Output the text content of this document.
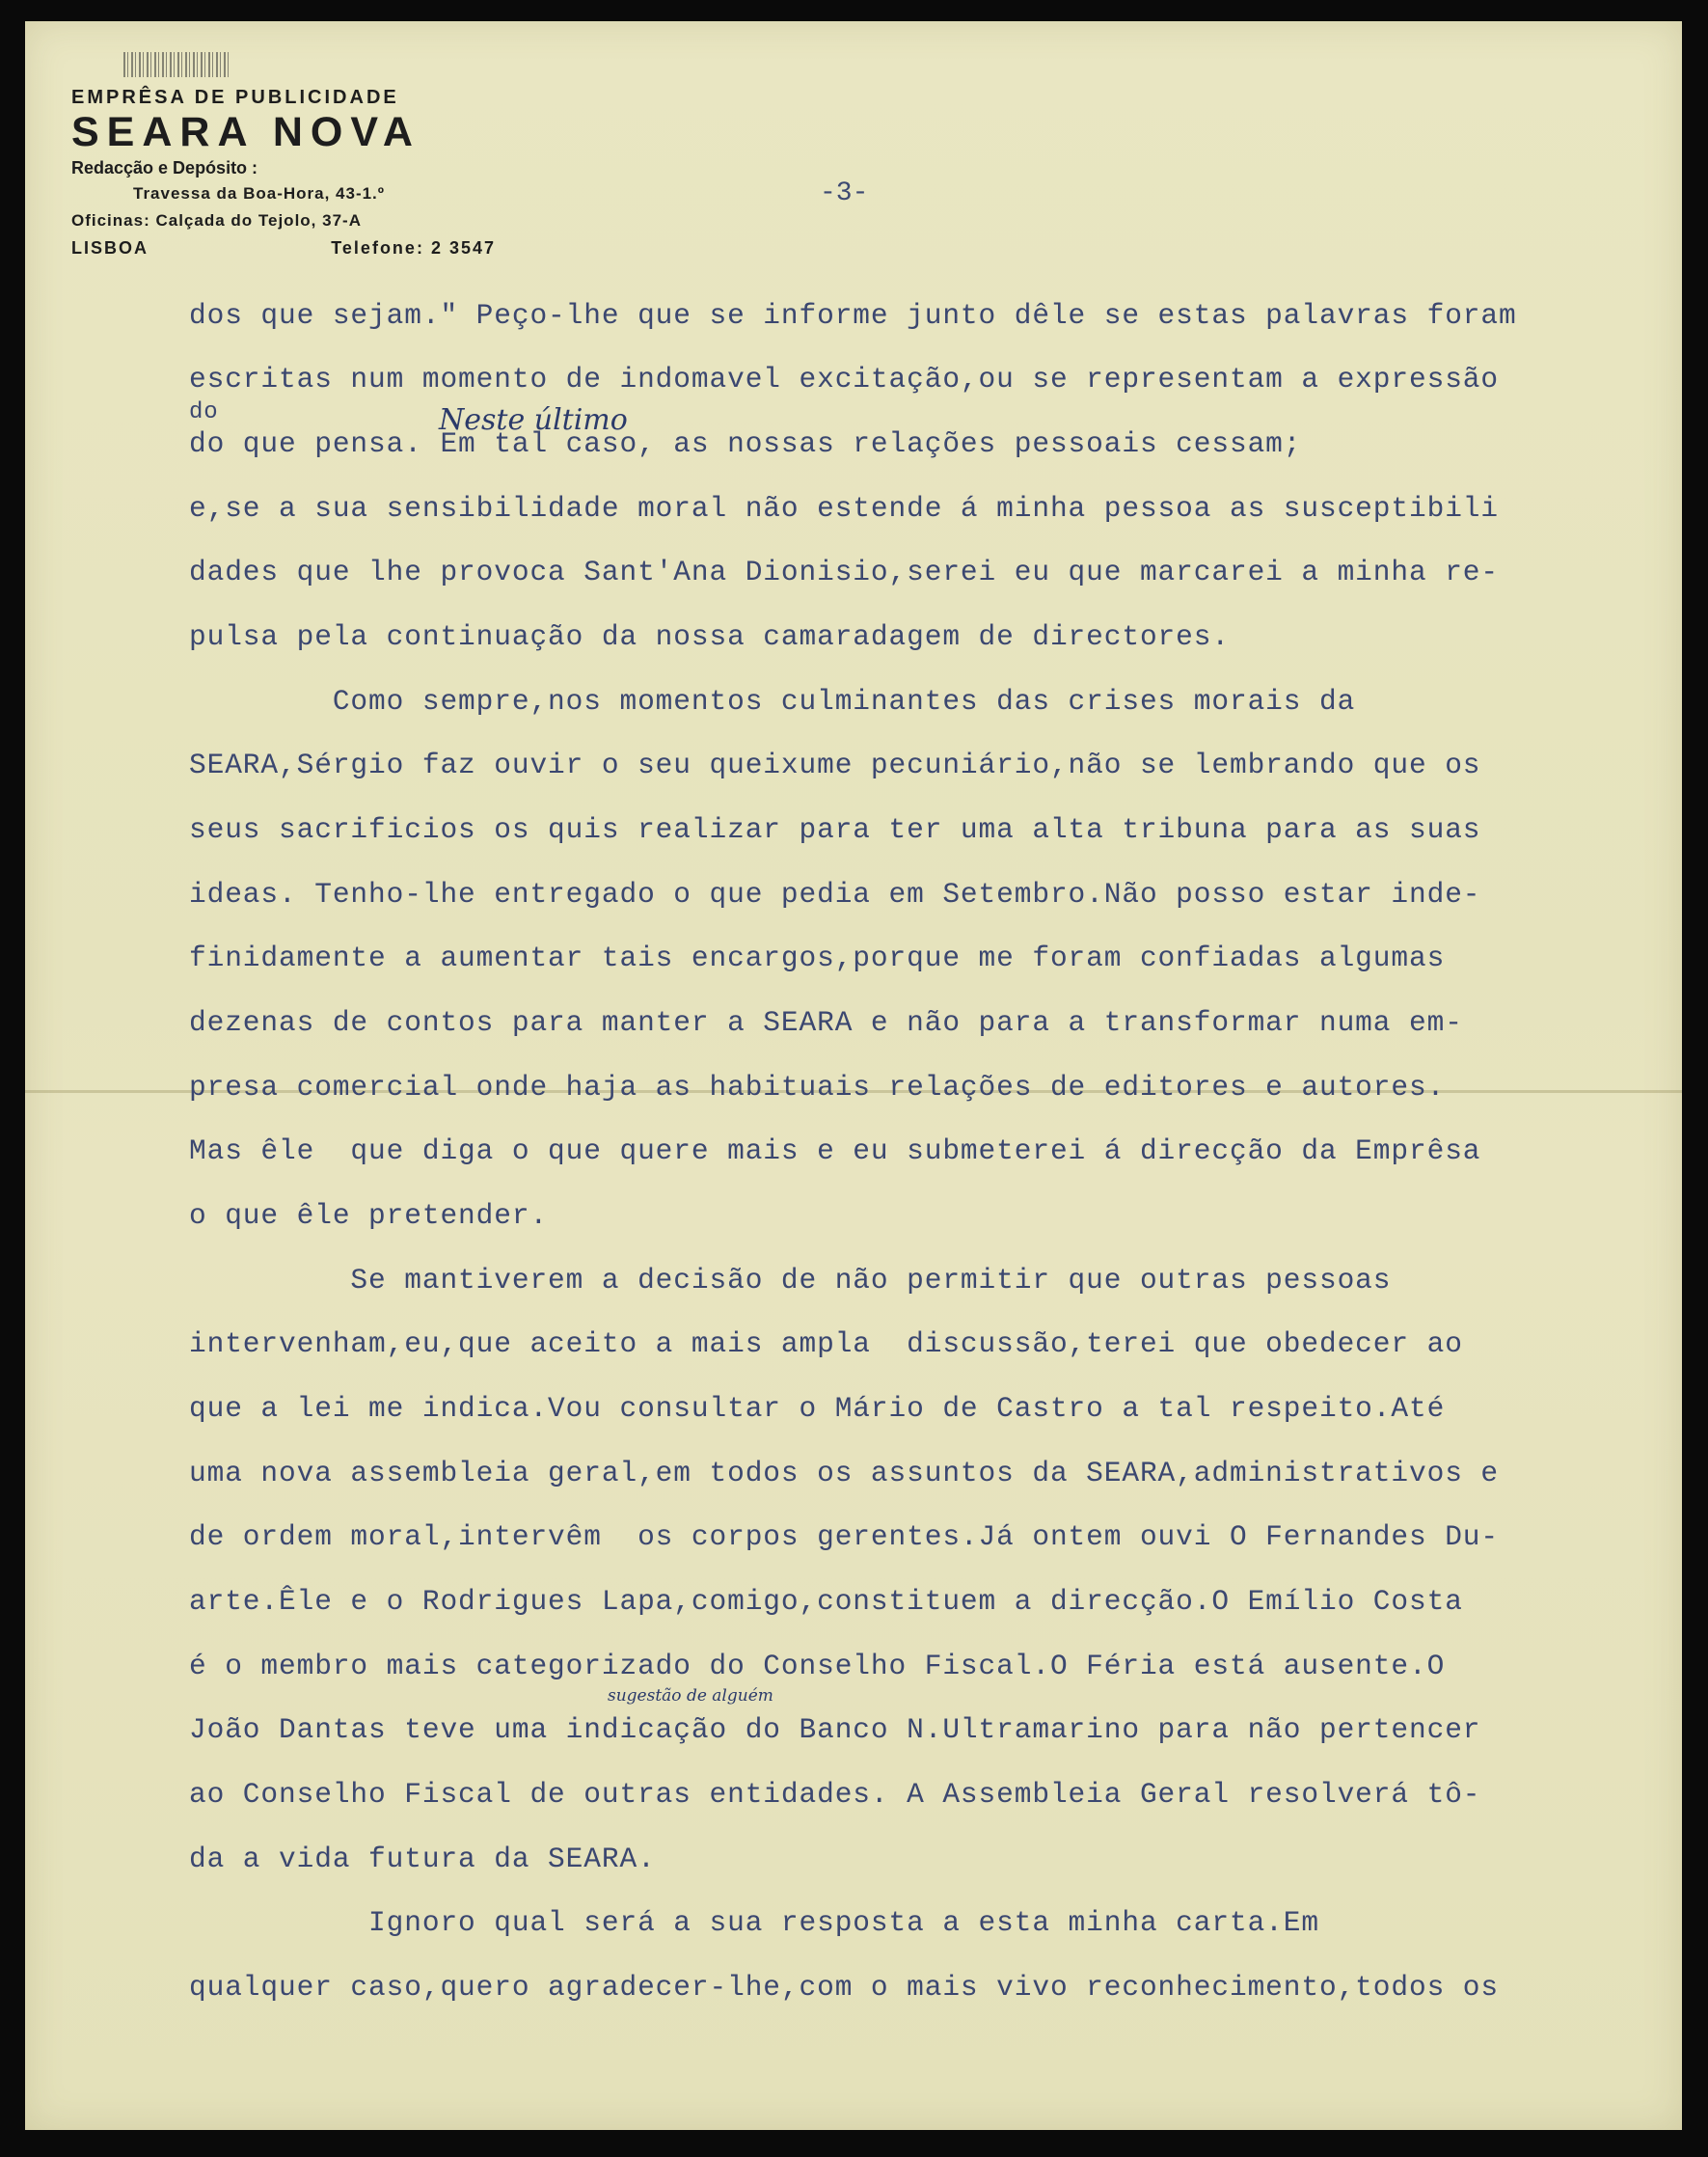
EMPRÊSA DE PUBLICIDADE
SEARA NOVA
Redacção e Depósito :
Travessa da Boa-Hora, 43-1.º
Oficinas: Calçada do Tejolo, 37-A
LISBOA	Telefone: 2 3547
-3-
dos que sejam." Peço-lhe que se informe junto dêle se estas palavras foram
escritas num momento de indomavel excitação,ou se representam a expressão
do
do que pensa. Em tal caso, as nossas relações pessoais cessam;
e,se a sua sensibilidade moral não estende á minha pessoa as susceptibili
dades que lhe provoca Sant'Ana Dionisio,serei eu que marcarei a minha re-
pulsa pela continuação da nossa camaradagem de directores.
Como sempre,nos momentos culminantes das crises morais da
SEARA,Sérgio faz ouvir o seu queixume pecuniário,não se lembrando que os
seus sacrificios os quis realizar para ter uma alta tribuna para as suas
ideas. Tenho-lhe entregado o que pedia em Setembro.Não posso estar inde-
finidamente a aumentar tais encargos,porque me foram confiadas algumas
dezenas de contos para manter a SEARA e não para a transformar numa em-
presa comercial onde haja as habituais relações de editores e autores.
Mas êle  que diga o que quere mais e eu submeterei á direcção da Emprêsa
o que êle pretender.
Se mantiverem a decisão de não permitir que outras pessoas
intervenham,eu,que aceito a mais ampla  discussão,terei que obedecer ao
que a lei me indica.Vou consultar o Mário de Castro a tal respeito.Até
uma nova assembleia geral,em todos os assuntos da SEARA,administrativos e
de ordem moral,intervêm  os corpos gerentes.Já ontem ouvi O Fernandes Du-
arte.Êle e o Rodrigues Lapa,comigo,constituem a direcção.O Emílio Costa
é o membro mais categorizado do Conselho Fiscal.O Féria está ausente.O
João Dantas teve uma indicação do Banco N.Ultramarino para não pertencer
ao Conselho Fiscal de outras entidades. A Assembleia Geral resolverá tô-
da a vida futura da SEARA.
Ignoro qual será a sua resposta a esta minha carta.Em
qualquer caso,quero agradecer-lhe,com o mais vivo reconhecimento,todos os
Neste último
sugestão de alguém
